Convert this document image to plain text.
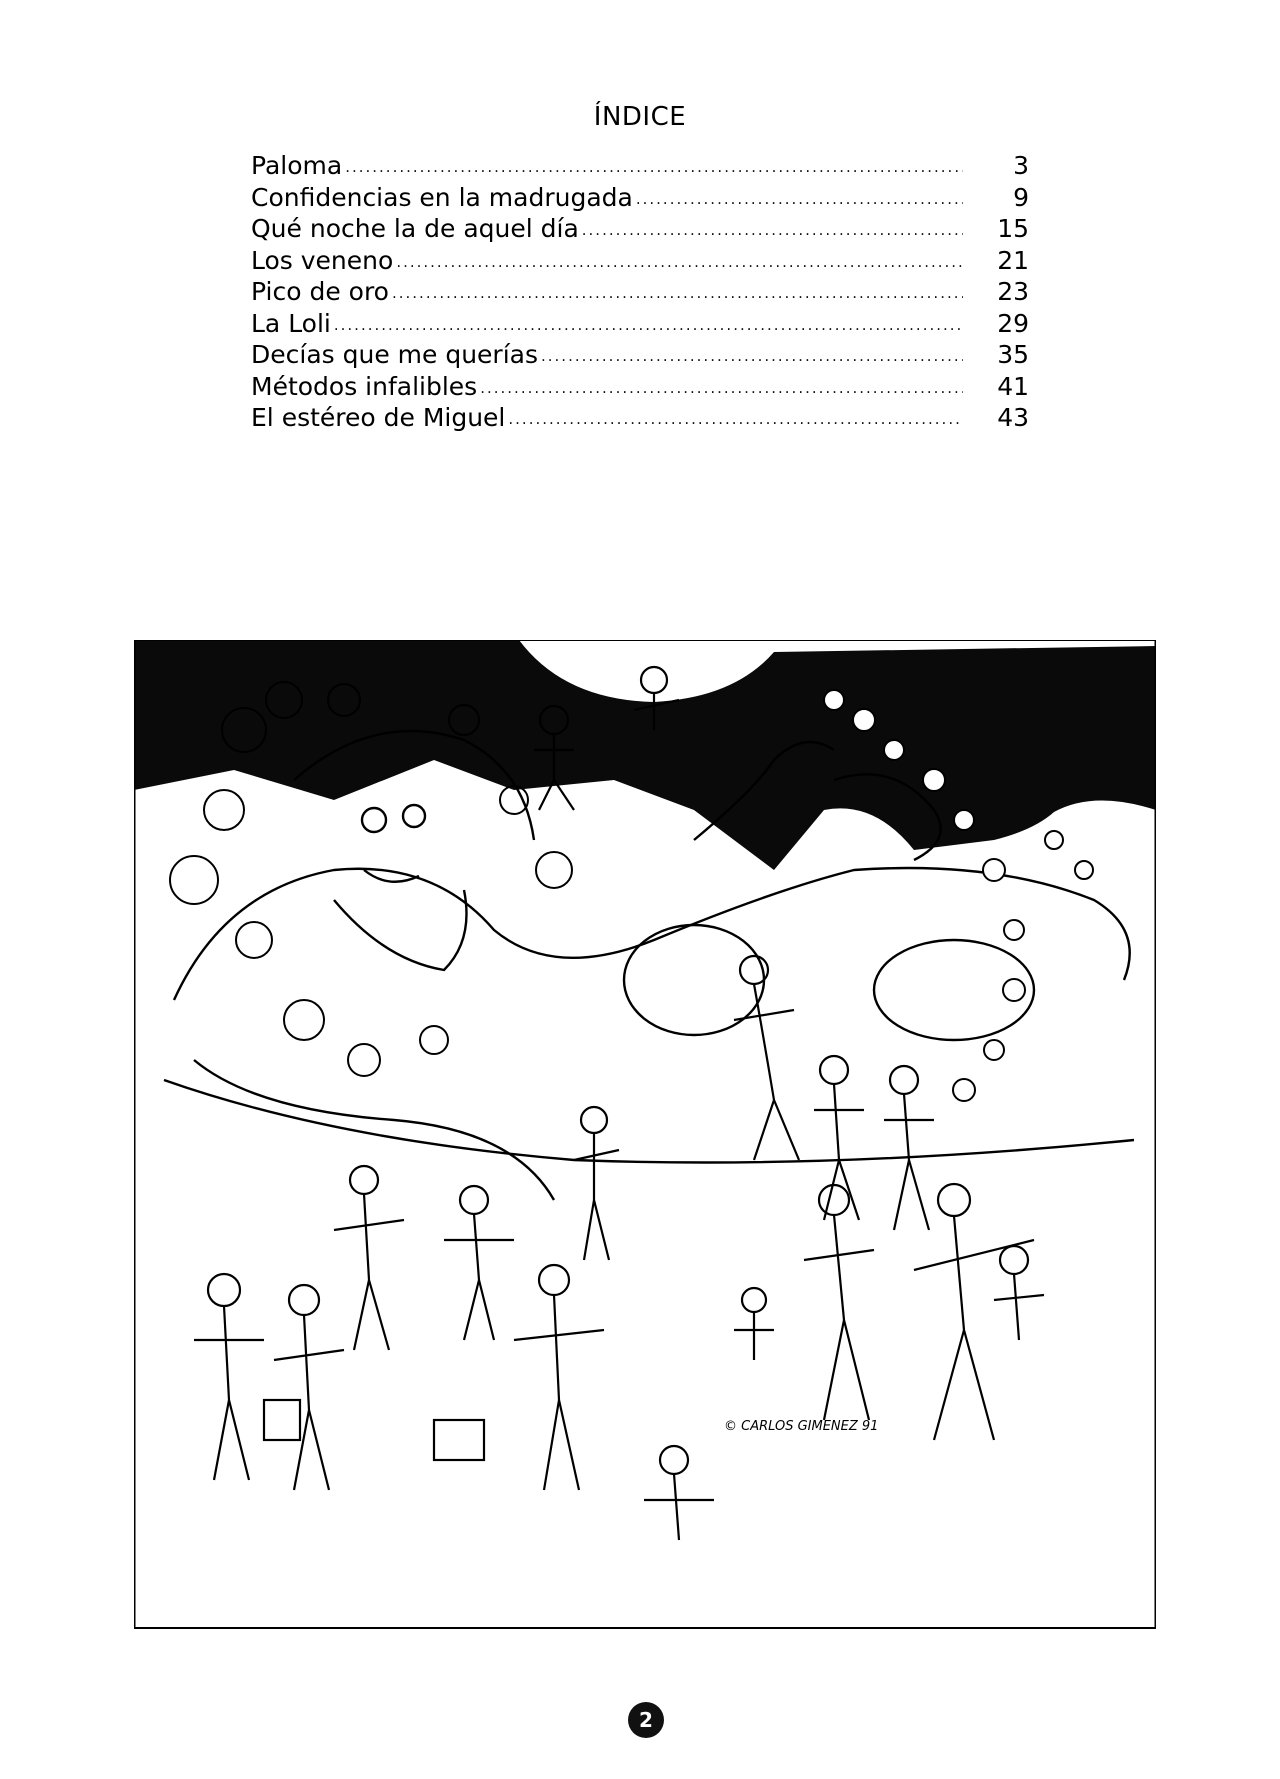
ÍNDICE
Paloma .....	3
Confidencias en la madrugada .....	9
Qué noche la de aquel día .....	15
Los veneno .....	21
Pico de oro .....	23
La Loli .....	29
Decías que me querías .....	35
Métodos infalibles .....	41
El estéreo de Miguel .....	43
© CARLOS GIMENEZ 91
2
